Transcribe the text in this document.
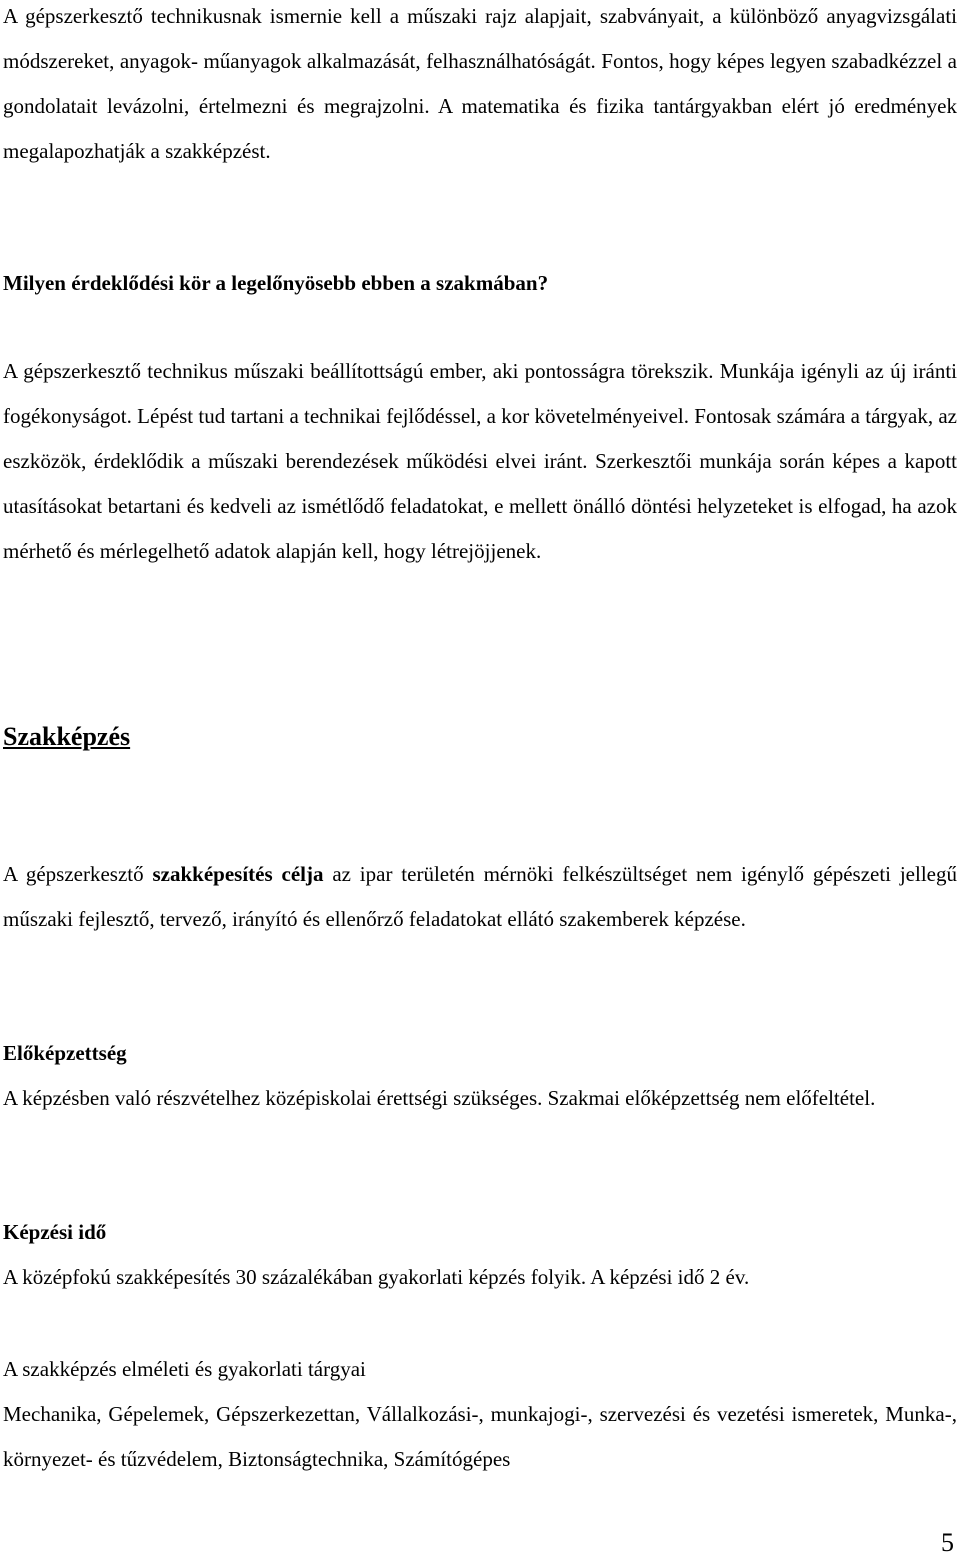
A gépszerkesztő technikusnak ismernie kell a műszaki rajz alapjait, szabványait, a különböző anyagvizsgálati módszereket, anyagok- műanyagok alkalmazását, felhasználhatóságát. Fontos, hogy képes legyen szabadkézzel a gondolatait levázolni, értelmezni és megrajzolni. A matematika és fizika tantárgyakban elért jó eredmények megalapozhatják a szakképzést.

Milyen érdeklődési kör a legelőnyösebb ebben a szakmában?

A gépszerkesztő technikus műszaki beállítottságú ember, aki pontosságra törekszik. Munkája igényli az új iránti fogékonyságot. Lépést tud tartani a technikai fejlődéssel, a kor követelményeivel. Fontosak számára a tárgyak, az eszközök, érdeklődik a műszaki berendezések működési elvei iránt. Szerkesztői munkája során képes a kapott utasításokat betartani és kedveli az ismétlődő feladatokat, e mellett önálló döntési helyzeteket is elfogad, ha azok mérhető és mérlegelhető adatok alapján kell, hogy létrejöjjenek.

Szakképzés

A gépszerkesztő szakképesítés célja az ipar területén mérnöki felkészültséget nem igénylő gépészeti jellegű műszaki fejlesztő, tervező, irányító és ellenőrző feladatokat ellátó szakemberek képzése.

Előképzettség

A képzésben való részvételhez középiskolai érettségi szükséges. Szakmai előképzettség nem előfeltétel.

Képzési idő

A középfokú szakképesítés 30 százalékában gyakorlati képzés folyik. A képzési idő 2 év.

A szakképzés elméleti és gyakorlati tárgyai

Mechanika, Gépelemek, Gépszerkezettan, Vállalkozási-, munkajogi-, szervezési és vezetési ismeretek, Munka-, környezet- és tűzvédelem, Biztonságtechnika, Számítógépes

5
